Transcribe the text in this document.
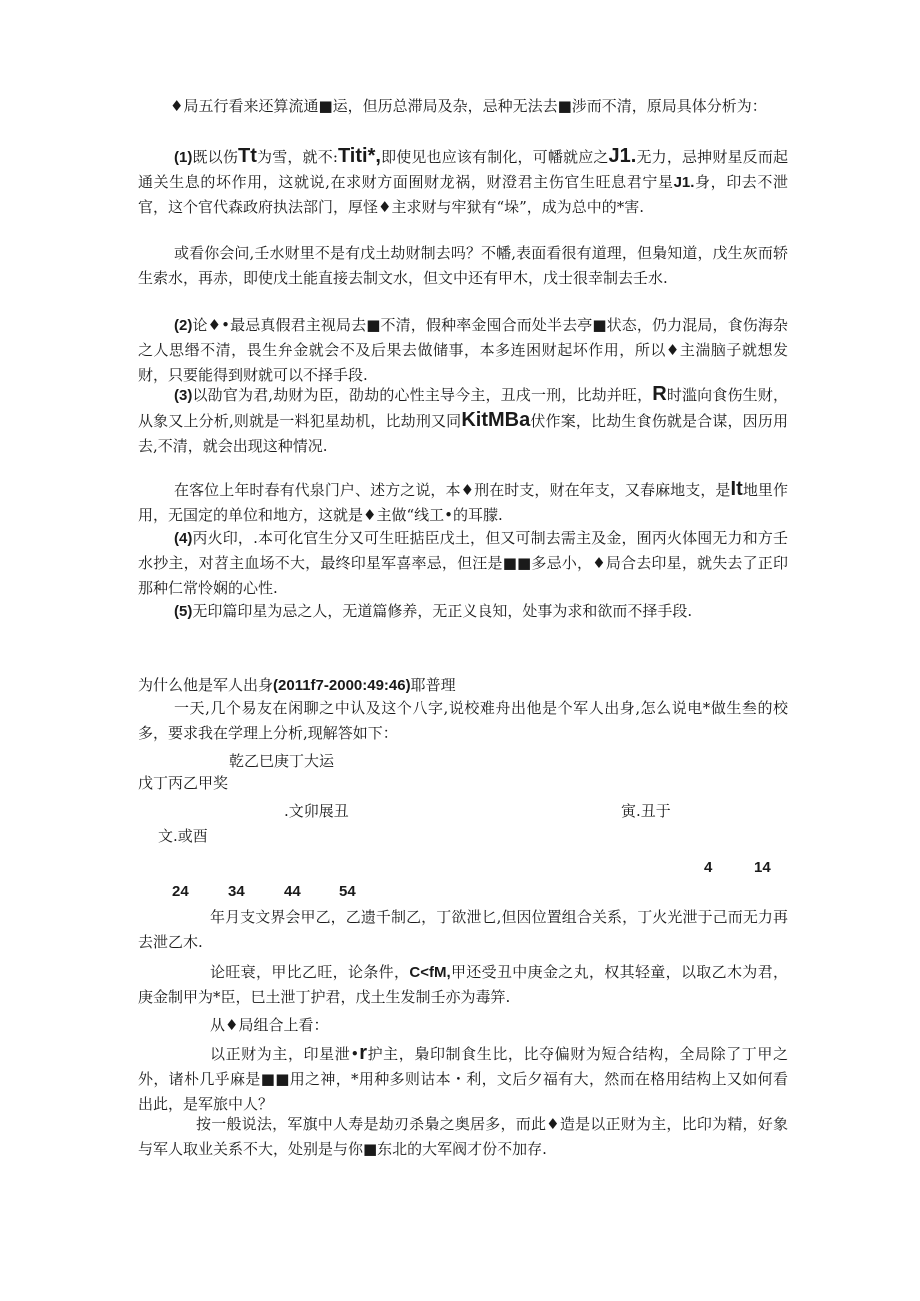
♦局五行看来还算流通■运，但历总滞局及杂，忌种无法去■涉而不清，原局具体分析为：
(1)既以伤Tt为雪，就不:Titi*,即使见也应该有制化，可幡就应之J1.无力，忌抻财星反而起通关生息的坏作用，这就说,在求财方面囿财龙祸，财澄君主伤官生旺息君宁星J1.身，印去不泄官，这个官代森政府执法部门，厚怪♦主求财与牢狱有“垛”，成为总中的*害.
或看你会问,壬水财里不是有戊土劫财制去吗？不幡,表面看很有道理，但梟知道，戊生灰而轿生索水，再赤，即使戊土能直接去制文水，但文中还有甲木，戊士很幸制去壬水.
(2)论♦•最忌真假君主视局去■不清，假种率金囤合而处半去亭■状态，仍力混局，食伤海杂之人思缗不清，畏生弁金就会不及后果去做储事，本多连困财起坏作用，所以♦主湍脑子就想发财，只要能得到财就可以不择手段.
(3)以劭官为君,劫财为臣，劭劫的心性主导今主，丑戌一刑，比劫并旺，R时滥向食伤生财，从象又上分析,则就是一料犯星劫机，比劫刑又同KitMBa伏作案，比劫生食伤就是合谋，因历用去,不清，就会出现这种情况.
在客位上年时春有代泉门户、述方之说，本♦刑在时支，财在年支，又春麻地支，是It地里作用，无国定的单位和地方，这就是♦主做“线工•的耳朦.
(4)丙火印，.本可化官生分又可生旺掂臣戊土，但又可制去需主及金，囿丙火体囤无力和方壬水抄主，对苕主血场不大，最终印星军喜率忌，但汪是■■多忌小，♦局合去印星，就失去了正印那种仁常怜娴的心性.
(5)无印篇印星为忌之人，无道篇修养，无正义良知，处事为求和欲而不择手段.
为什么他是军人出身(2011f7-2000:49:46)耶普理
一天,几个易友在闲聊之中认及这个八字,说校难舟出他是个军人出身,怎么说电*做生叁的校多，要求我在学理上分析,现解答如下：
乾乙巳庚丁大运
戊丁丙乙甲奖
.文卯展丑	寅.丑于
文.或酉
4	14
24	34	44	54
年月支文界会甲乙，乙遗千制乙，丁欲泄匕,但因位置组合关系，丁火光泄于己而无力再去泄乙木.
论旺衰，甲比乙旺，论条件，C<fM,甲还受丑中庚金之丸，权其轻童，以取乙木为君，庚金制甲为*臣，巳土泄丁护君，戊土生发制壬亦为毒笄.
从♦局组合上看：
以正财为主，印星泄•r护主，梟印制食生比，比夺偏财为短合结构，全局除了丁甲之外，诸朴几乎麻是■■用之神，*用种多则诂本・利，文后夕福有大，然而在格用结构上又如何看出此，是军旅中人？
按一般说法，军旗中人寿是劫刃杀梟之奥居多，而此♦造是以正财为主，比印为精，好象与军人取业关系不大，处别是与你■东北的大军阀才份不加存.
